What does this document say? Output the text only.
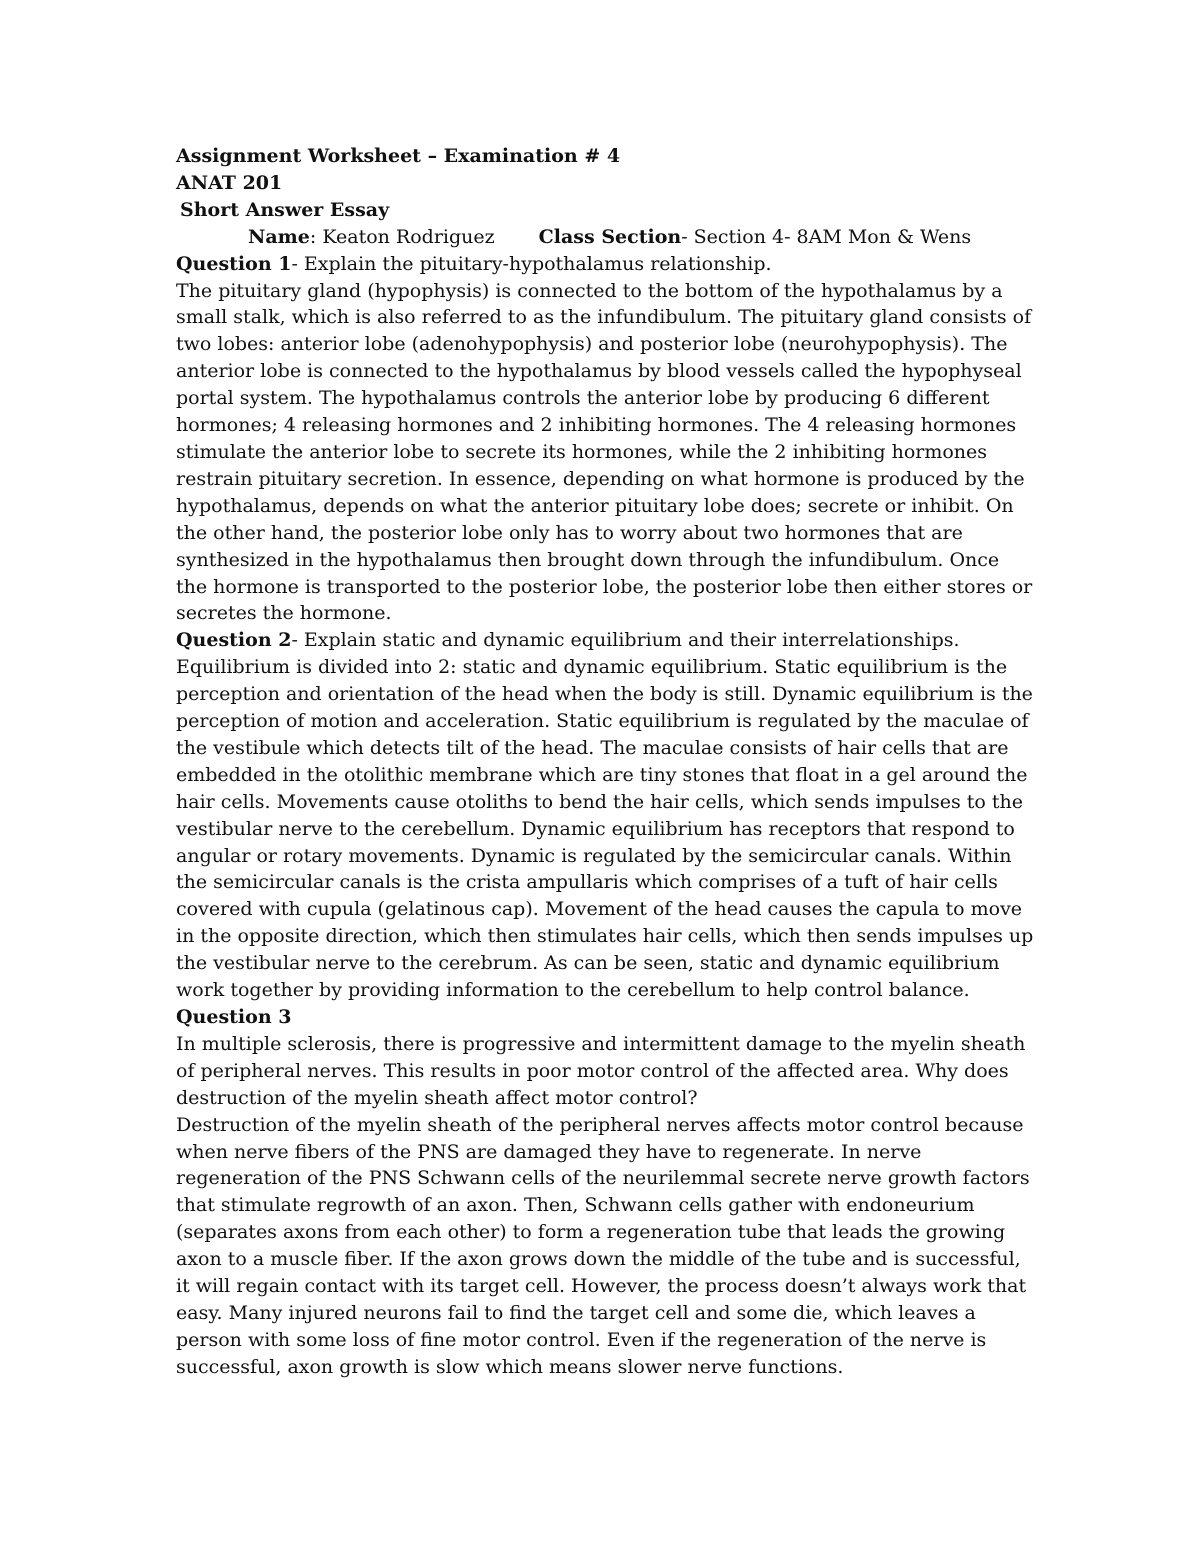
Assignment Worksheet – Examination # 4
ANAT 201
Short Answer Essay
Name: Keaton Rodriguez Class Section- Section 4- 8AM Mon & Wens

Question 1- Explain the pituitary-hypothalamus relationship.

The pituitary gland (hypophysis) is connected to the bottom of the hypothalamus by a small stalk, which is also referred to as the infundibulum. The pituitary gland consists of two lobes: anterior lobe (adenohypophysis) and posterior lobe (neurohypophysis). The anterior lobe is connected to the hypothalamus by blood vessels called the hypophyseal portal system. The hypothalamus controls the anterior lobe by producing 6 different hormones; 4 releasing hormones and 2 inhibiting hormones. The 4 releasing hormones stimulate the anterior lobe to secrete its hormones, while the 2 inhibiting hormones restrain pituitary secretion. In essence, depending on what hormone is produced by the hypothalamus, depends on what the anterior pituitary lobe does; secrete or inhibit. On the other hand, the posterior lobe only has to worry about two hormones that are synthesized in the hypothalamus then brought down through the infundibulum. Once the hormone is transported to the posterior lobe, the posterior lobe then either stores or secretes the hormone.

Question 2- Explain static and dynamic equilibrium and their interrelationships.

Equilibrium is divided into 2: static and dynamic equilibrium. Static equilibrium is the perception and orientation of the head when the body is still. Dynamic equilibrium is the perception of motion and acceleration. Static equilibrium is regulated by the maculae of the vestibule which detects tilt of the head. The maculae consists of hair cells that are embedded in the otolithic membrane which are tiny stones that float in a gel around the hair cells. Movements cause otoliths to bend the hair cells, which sends impulses to the vestibular nerve to the cerebellum. Dynamic equilibrium has receptors that respond to angular or rotary movements. Dynamic is regulated by the semicircular canals. Within the semicircular canals is the crista ampullaris which comprises of a tuft of hair cells covered with cupula (gelatinous cap). Movement of the head causes the capula to move in the opposite direction, which then stimulates hair cells, which then sends impulses up the vestibular nerve to the cerebrum. As can be seen, static and dynamic equilibrium work together by providing information to the cerebellum to help control balance.

Question 3

In multiple sclerosis, there is progressive and intermittent damage to the myelin sheath of peripheral nerves. This results in poor motor control of the affected area. Why does destruction of the myelin sheath affect motor control?

Destruction of the myelin sheath of the peripheral nerves affects motor control because when nerve fibers of the PNS are damaged they have to regenerate. In nerve regeneration of the PNS Schwann cells of the neurilemmal secrete nerve growth factors that stimulate regrowth of an axon. Then, Schwann cells gather with endoneurium (separates axons from each other) to form a regeneration tube that leads the growing axon to a muscle fiber. If the axon grows down the middle of the tube and is successful, it will regain contact with its target cell. However, the process doesn’t always work that easy. Many injured neurons fail to find the target cell and some die, which leaves a person with some loss of fine motor control. Even if the regeneration of the nerve is successful, axon growth is slow which means slower nerve functions.
